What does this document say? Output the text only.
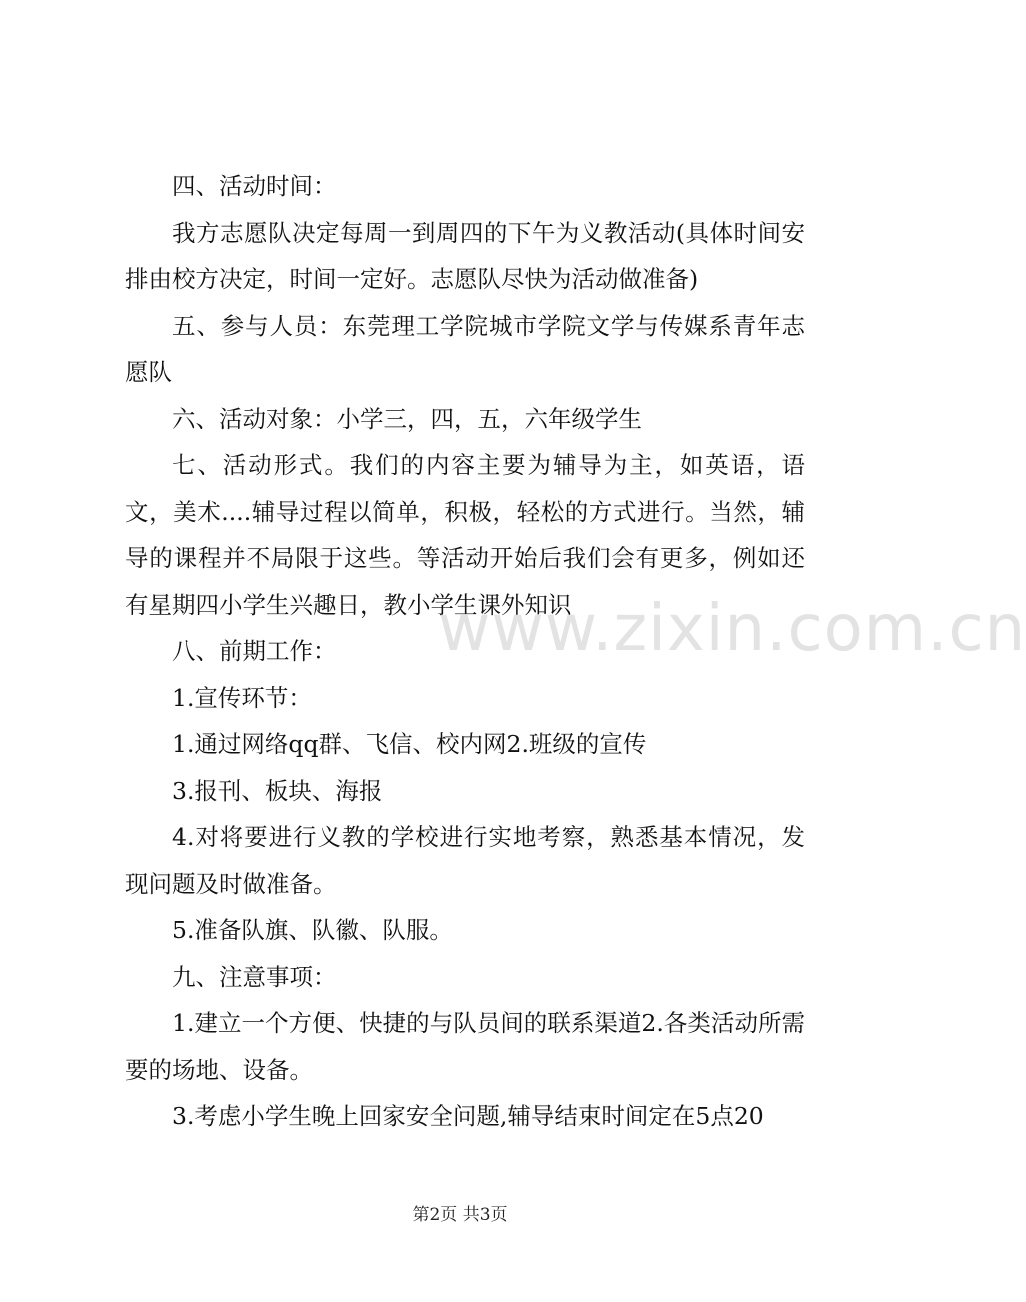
四、活动时间：

我方志愿队决定每周一到周四的下午为义教活动(具体时间安排由校方决定，时间一定好。志愿队尽快为活动做准备)

五、参与人员：东莞理工学院城市学院文学与传媒系青年志愿队

六、活动对象：小学三，四，五，六年级学生

七、活动形式。我们的内容主要为辅导为主，如英语，语文，美术....辅导过程以简单，积极，轻松的方式进行。当然，辅导的课程并不局限于这些。等活动开始后我们会有更多，例如还有星期四小学生兴趣日，教小学生课外知识

八、前期工作：

1.宣传环节：

1.通过网络qq群、飞信、校内网2.班级的宣传

3.报刊、板块、海报

4.对将要进行义教的学校进行实地考察，熟悉基本情况，发现问题及时做准备。

5.准备队旗、队徽、队服。

九、注意事项：

1.建立一个方便、快捷的与队员间的联系渠道2.各类活动所需要的场地、设备。

3.考虑小学生晚上回家安全问题,辅导结束时间定在5点20

www.zixin.com.cn
第2页 共3页
